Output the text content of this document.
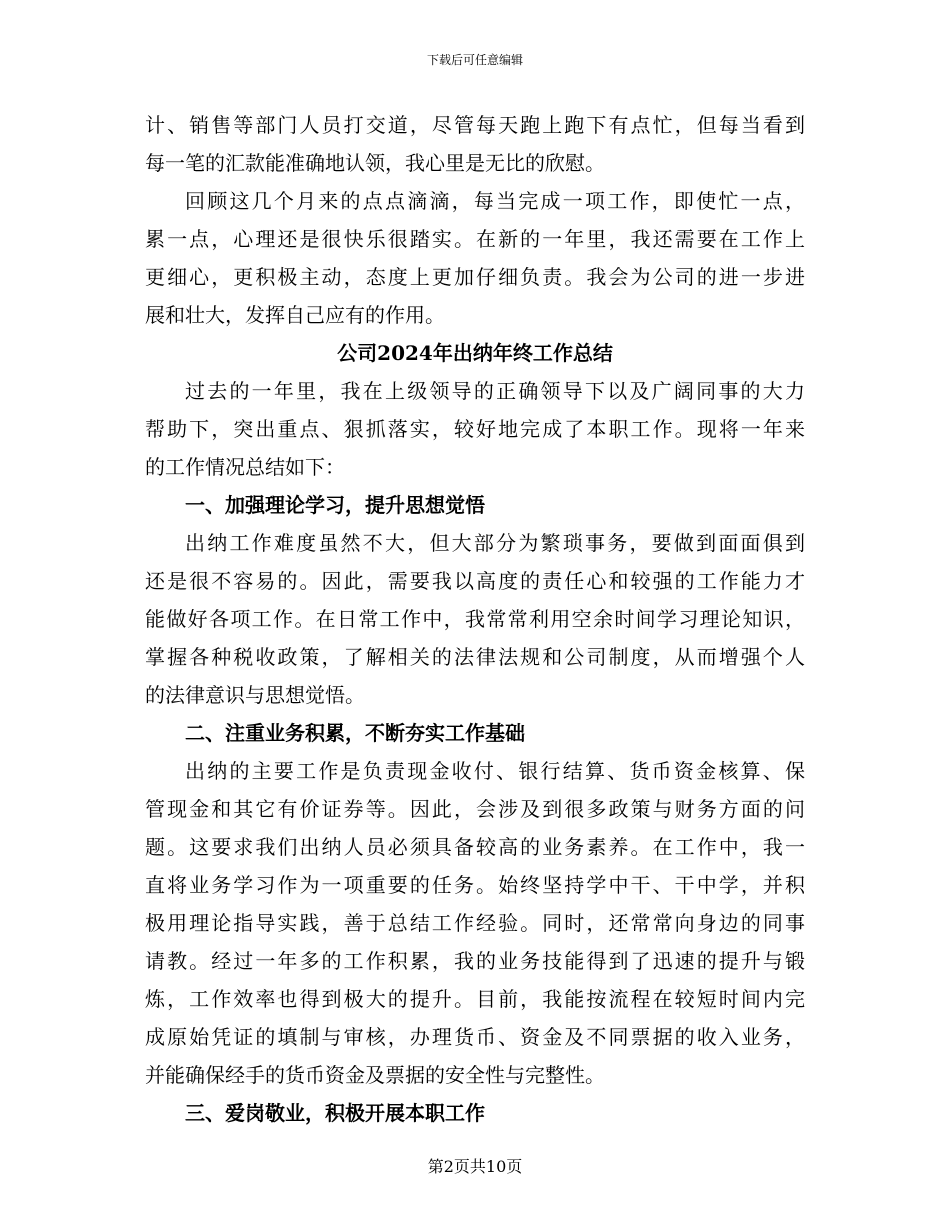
下载后可任意编辑
计、销售等部门人员打交道，尽管每天跑上跑下有点忙，但每当看到
每一笔的汇款能准确地认领，我心里是无比的欣慰。
回顾这几个月来的点点滴滴，每当完成一项工作，即使忙一点，
累一点，心理还是很快乐很踏实。在新的一年里，我还需要在工作上
更细心，更积极主动，态度上更加仔细负责。我会为公司的进一步进
展和壮大，发挥自己应有的作用。
公司2024年出纳年终工作总结
过去的一年里，我在上级领导的正确领导下以及广阔同事的大力
帮助下，突出重点、狠抓落实，较好地完成了本职工作。现将一年来
的工作情况总结如下：
一、加强理论学习，提升思想觉悟
出纳工作难度虽然不大，但大部分为繁琐事务，要做到面面俱到
还是很不容易的。因此，需要我以高度的责任心和较强的工作能力才
能做好各项工作。在日常工作中，我常常利用空余时间学习理论知识，
掌握各种税收政策，了解相关的法律法规和公司制度，从而增强个人
的法律意识与思想觉悟。
二、注重业务积累，不断夯实工作基础
出纳的主要工作是负责现金收付、银行结算、货币资金核算、保
管现金和其它有价证券等。因此，会涉及到很多政策与财务方面的问
题。这要求我们出纳人员必须具备较高的业务素养。在工作中，我一
直将业务学习作为一项重要的任务。始终坚持学中干、干中学，并积
极用理论指导实践，善于总结工作经验。同时，还常常向身边的同事
请教。经过一年多的工作积累，我的业务技能得到了迅速的提升与锻
炼，工作效率也得到极大的提升。目前，我能按流程在较短时间内完
成原始凭证的填制与审核，办理货币、资金及不同票据的收入业务，
并能确保经手的货币资金及票据的安全性与完整性。
三、爱岗敬业，积极开展本职工作
第2页共10页
